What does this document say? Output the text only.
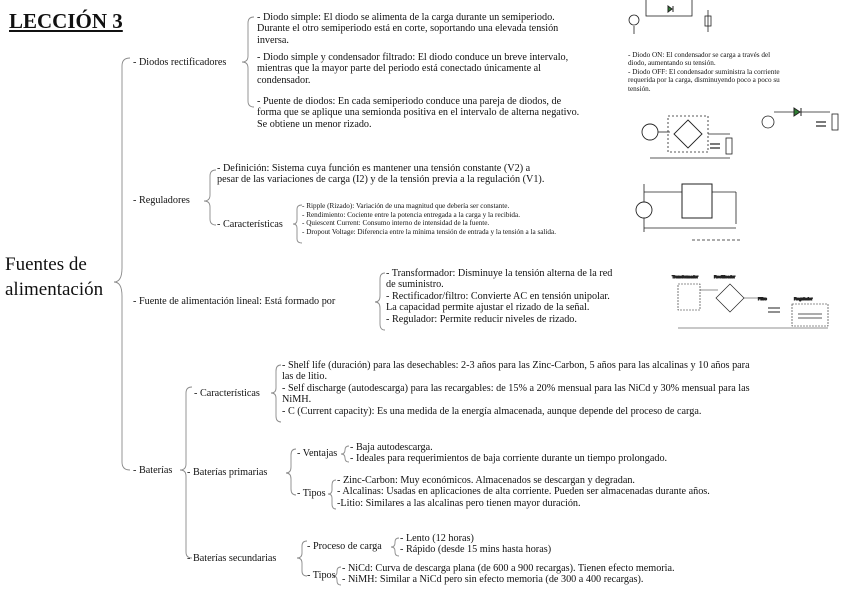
LECCIÓN 3
Fuentes de
alimentación
- Diodos rectificadores
- Diodo simple: El diodo se alimenta de la carga durante un semiperiodo.
Durante el otro semiperiodo está en corte, soportando una elevada tensión
inversa.
- Diodo simple y condensador filtrado: El diodo conduce un breve intervalo,
mientras que la mayor parte del periodo está conectado únicamente al
condensador.
- Puente de diodos: En cada semiperiodo conduce una pareja de diodos, de
forma que se aplique una semionda positiva en el intervalo de alterna negativo.
Se obtiene un menor rizado.
- Diodo ON: El condensador se carga a través del
diodo, aumentando su tensión.
- Diodo OFF: El condensador suministra la corriente
requerida por la carga, disminuyendo poco a poco su
tensión.
- Reguladores
- Definición: Sistema cuya función es mantener una tensión constante (V2) a
pesar de las variaciones de carga (I2) y de la tensión previa a la regulación (V1).
- Características
- Ripple (Rizado): Variación de una magnitud que debería ser constante.
- Rendimiento: Cociente entre la potencia entregada a la carga y la recibida.
- Quiescent Current: Consumo interno de intensidad de la fuente.
- Dropout Voltage: Diferencia entre la mínima tensión de entrada y la tensión a la salida.
- Fuente de alimentación lineal: Está formado por
- Transformador: Disminuye la tensión alterna de la red
de suministro.
- Rectificador/filtro: Convierte AC en tensión unipolar.
La capacidad permite ajustar el rizado de la señal.
- Regulador: Permite reducir niveles de rizado.
Transformador	Rectificador
Filtro	Regulador
- Baterías
- Características
- Shelf life (duración) para las desechables: 2-3 años para las Zinc-Carbon, 5 años para las alcalinas y 10 años para
las de litio.
- Self discharge (autodescarga) para las recargables: de 15% a 20% mensual para las NiCd y 30% mensual para las
NiMH.
- C (Current capacity): Es una medida de la energía almacenada, aunque depende del proceso de carga.
- Baterías primarias
- Ventajas
- Baja autodescarga.
- Ideales para requerimientos de baja corriente durante un tiempo prolongado.
- Tipos
- Zinc-Carbon: Muy económicos. Almacenados se descargan y degradan.
- Alcalinas: Usadas en aplicaciones de alta corriente. Pueden ser almacenadas durante años.
-Litio: Similares a las alcalinas pero tienen mayor duración.
- Baterías secundarias
- Proceso de carga
- Lento (12 horas)
- Rápido (desde 15 mins hasta horas)
- Tipos
- NiCd: Curva de descarga plana (de 600 a 900 recargas). Tienen efecto memoria.
- NiMH: Similar a NiCd pero sin efecto memoria (de 300 a 400 recargas).
